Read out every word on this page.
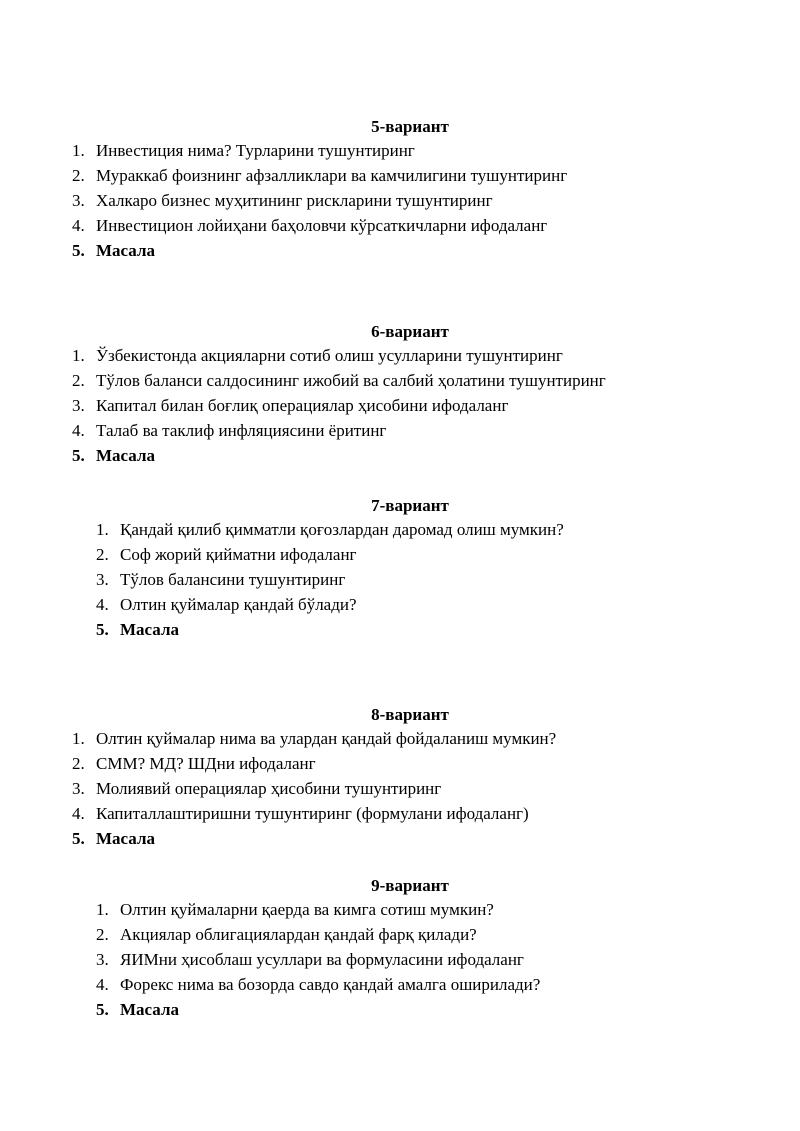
5-вариант
1. Инвестиция нима? Турларини тушунтиринг
2. Мураккаб фоизнинг афзалликлари ва камчилигини тушунтиринг
3. Халкаро бизнес муҳитининг рискларини тушунтиринг
4. Инвестицион лойиҳани баҳоловчи кўрсаткичларни ифодаланг
5. Масала
6-вариант
1. Ўзбекистонда акцияларни сотиб олиш усулларини тушунтиринг
2. Тўлов баланси салдосининг ижобий ва салбий ҳолатини тушунтиринг
3. Капитал билан боғлиқ операциялар ҳисобини ифодаланг
4. Талаб ва таклиф инфляциясини ёритинг
5. Масала
7-вариант
1. Қандай қилиб қимматли қоғозлардан даромад олиш мумкин?
2. Соф жорий қийматни ифодаланг
3. Тўлов балансини тушунтиринг
4. Олтин қуймалар қандай бўлади?
5. Масала
8-вариант
1. Олтин қуймалар нима ва улардан қандай фойдаланиш мумкин?
2. СММ? МД? ШДни ифодаланг
3. Молиявий операциялар ҳисобини тушунтиринг
4. Капиталлаштиришни тушунтиринг (формулани ифодаланг)
5. Масала
9-вариант
1. Олтин қуймаларни қаерда ва кимга сотиш мумкин?
2. Акциялар облигациялардан қандай фарқ қилади?
3. ЯИМни ҳисоблаш усуллари ва формуласини ифодаланг
4. Форекс нима ва бозорда савдо қандай амалга оширилади?
5. Масала
